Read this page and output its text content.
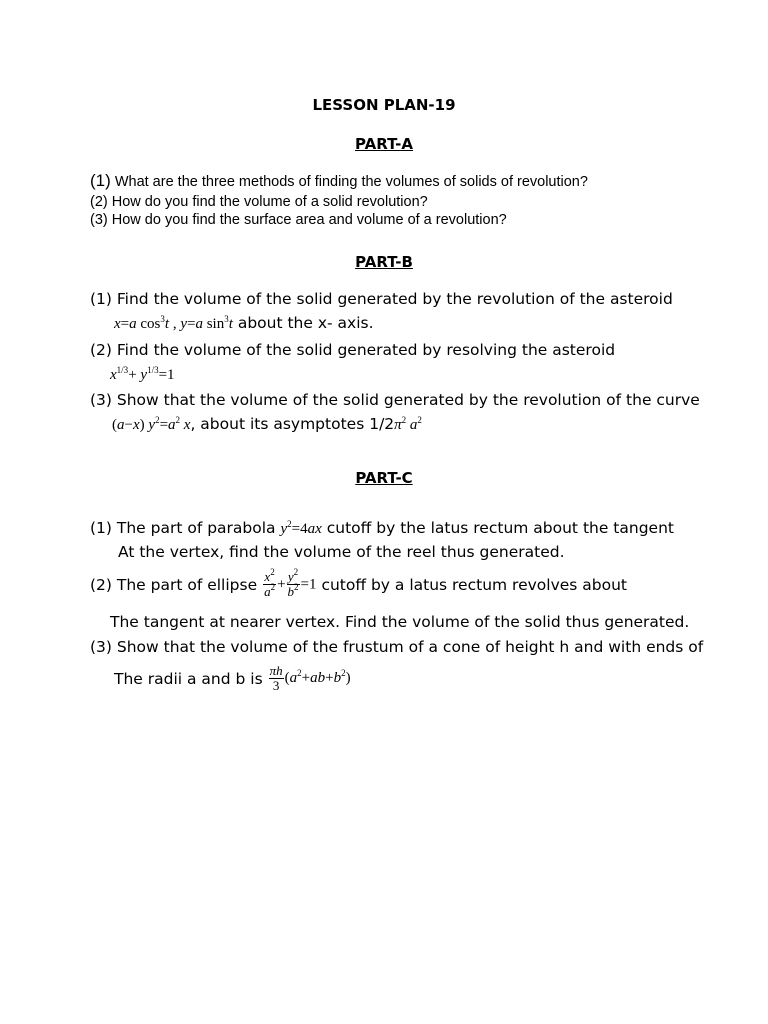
LESSON PLAN-19
PART-A
(1) What are the three methods of finding the volumes of solids of revolution?
(2) How do you find the volume of a solid revolution?
(3) How do you find the surface area and volume of a revolution?
PART-B
(1) Find the volume of the solid generated by the revolution of the asteroid
x=a $\cos^3t$ , y=a $\sin^3t$ about the x- axis.
(2) Find the volume of the solid generated by resolving the asteroid
$x^{1/3}+ y^{1/3}=1$
(3) Show that the volume of the solid generated by the revolution of the curve
(a−x) $y^2=a^2$ x, about its asymptotes $1/2\pi^2$ $a^2$
PART-C
(1) The part of parabola $y^2=4ax$ cutoff by the latus rectum about the tangent
At the vertex, find the volume of the reel thus generated.
(2) The part of ellipse $\frac{x^2}{a^2} + \frac{y^2}{b^2} =1$ cutoff by a latus rectum revolves about
The tangent at nearer vertex. Find the volume of the solid thus generated.
(3) Show that the volume of the frustum of a cone of height h and with ends of
The radii a and b is $\frac{\pi h}{3} (a^2+ab+b^2)$
